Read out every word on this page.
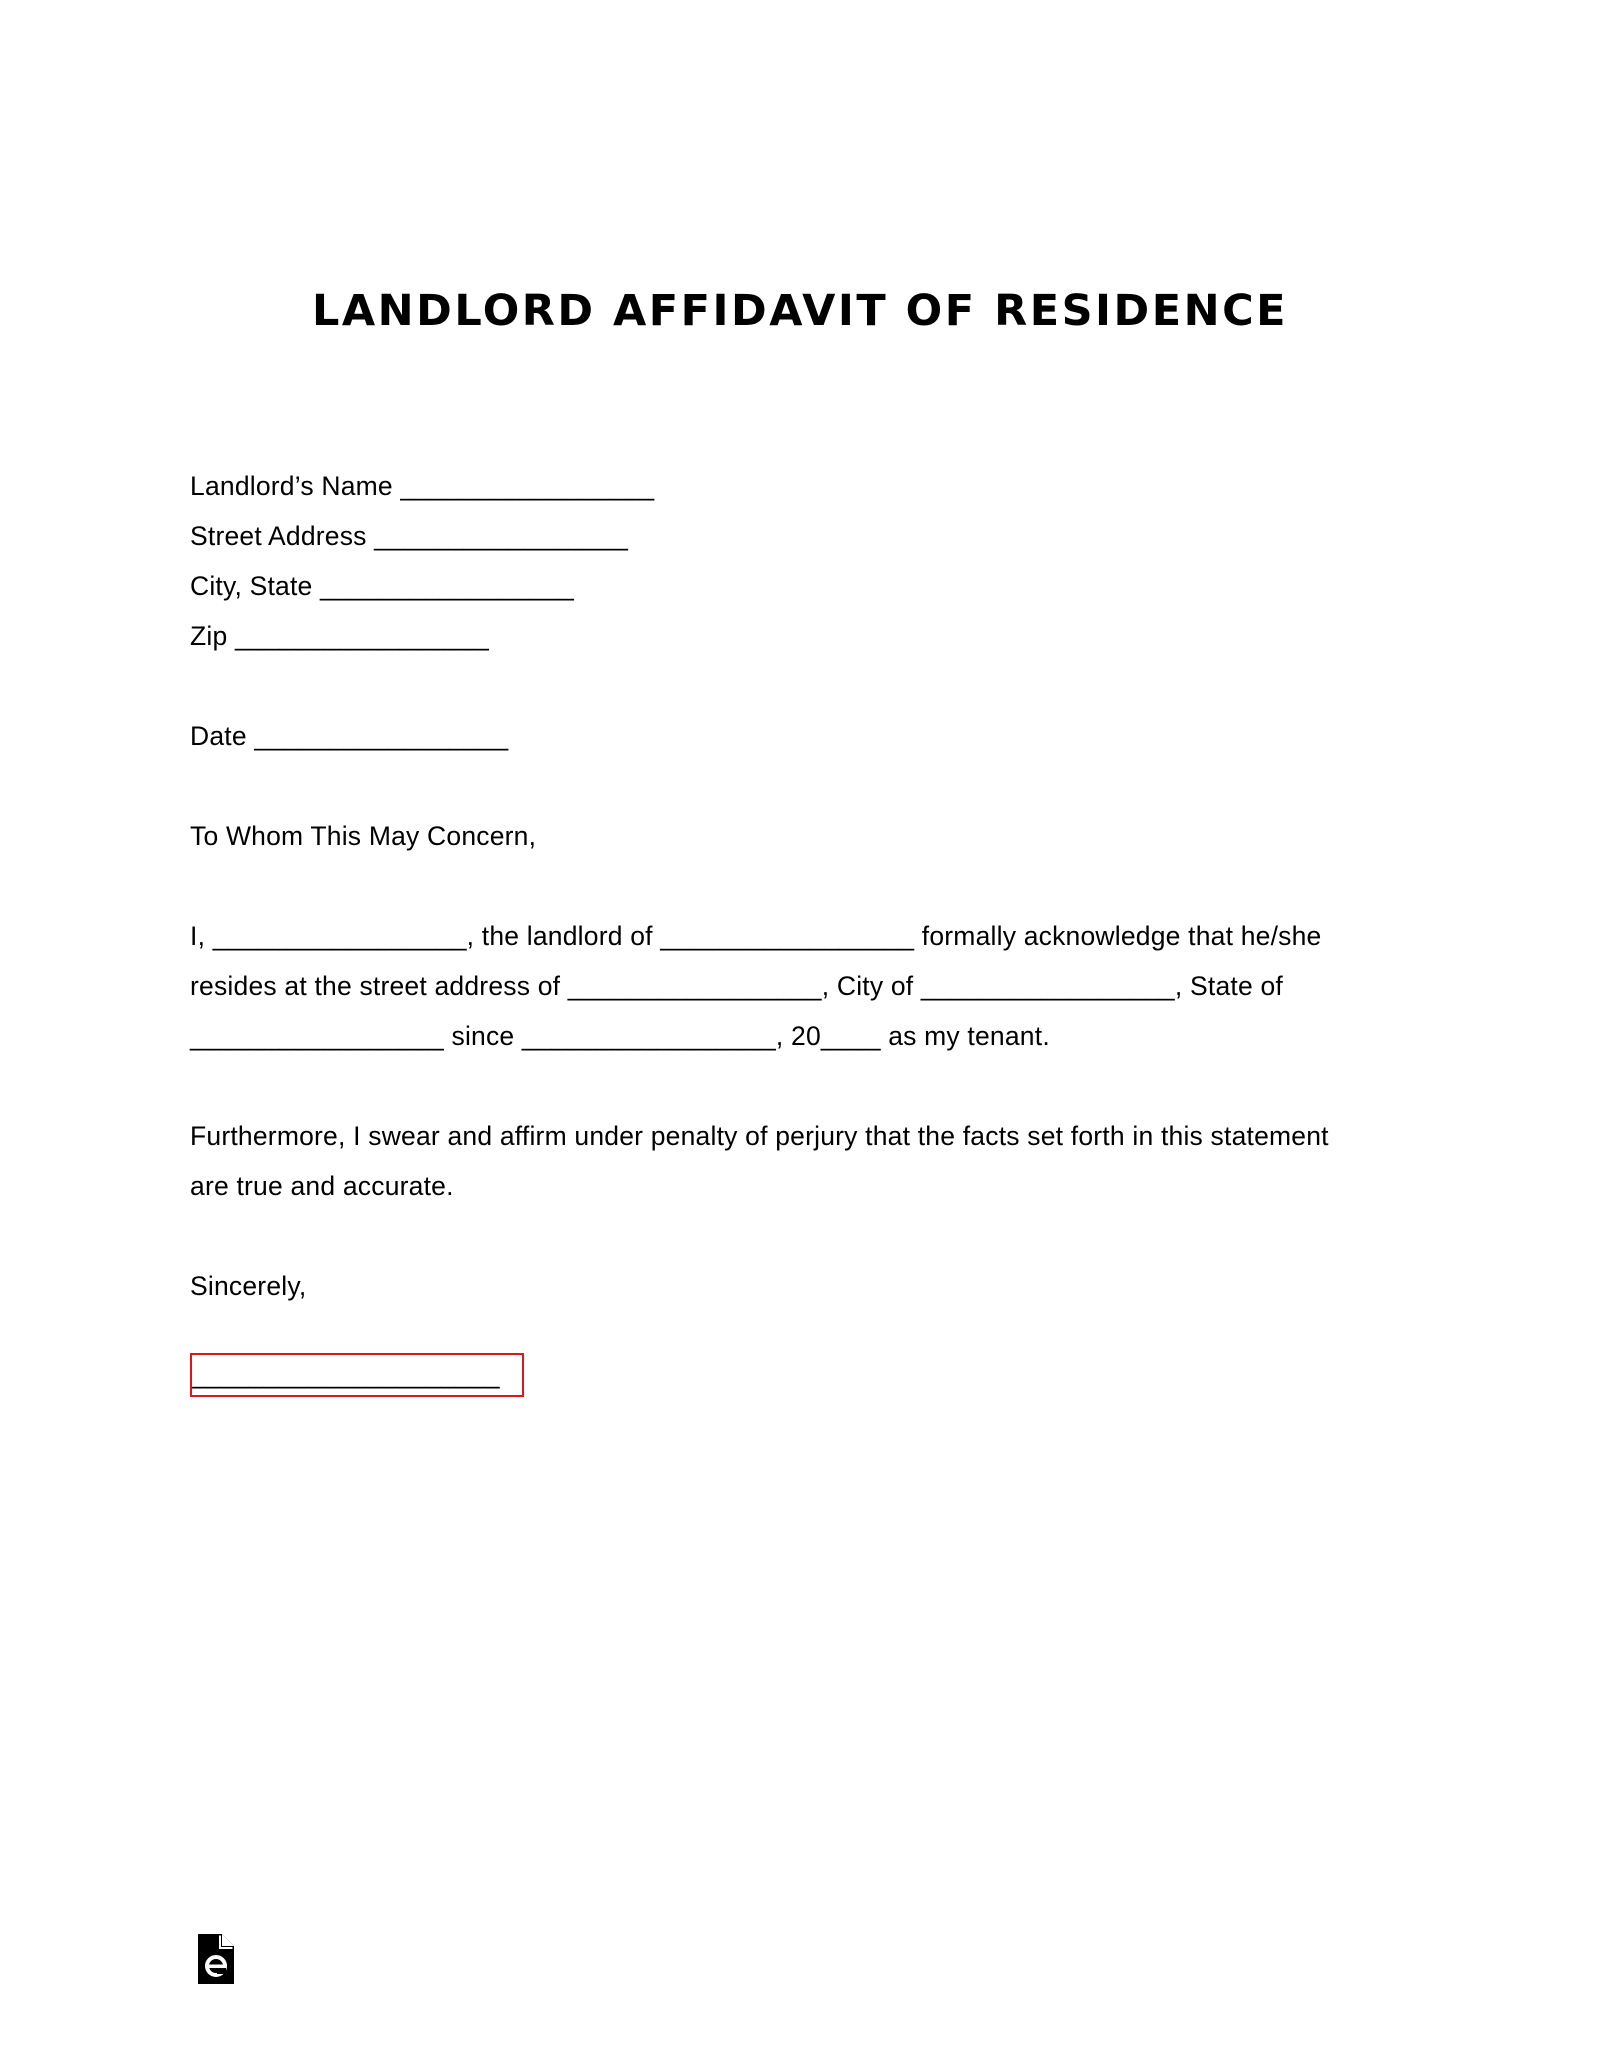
LANDLORD AFFIDAVIT OF RESIDENCE
Landlord’s Name _________________
Street Address _________________
City, State _________________
Zip _________________
Date _________________
To Whom This May Concern,
I, _________________, the landlord of _________________ formally acknowledge that he/she
resides at the street address of _________________, City of _________________, State of
_________________ since _________________, 20____ as my tenant.
Furthermore, I swear and affirm under penalty of perjury that the facts set forth in this statement
are true and accurate.
Sincerely,
_____________________
